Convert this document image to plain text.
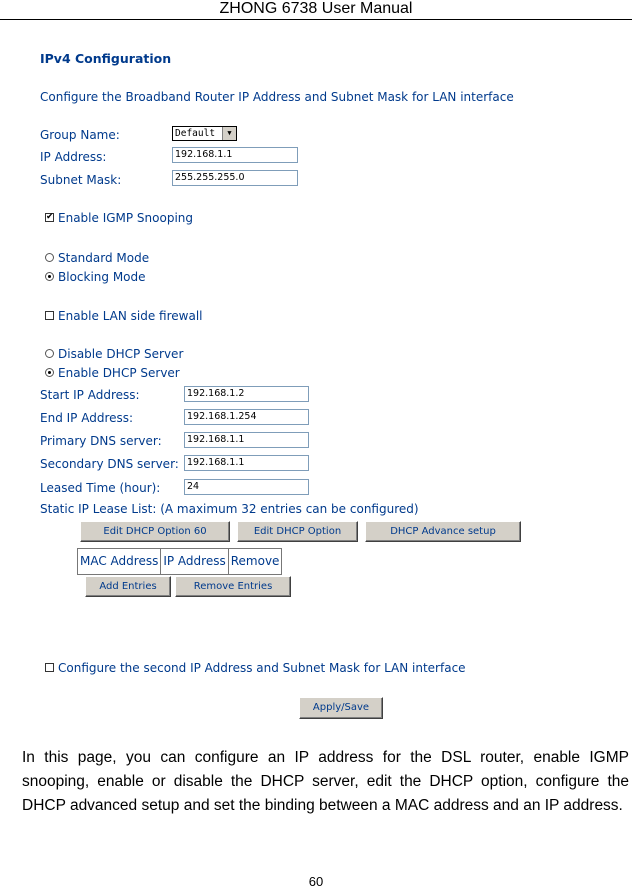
ZHONG 6738 User Manual
IPv4 Configuration
Configure the Broadband Router IP Address and Subnet Mask for LAN interface
Group Name:	Default	▼
IP Address:	192.168.1.1
Subnet Mask:	255.255.255.0
✔ Enable IGMP Snooping
Standard Mode
Blocking Mode
Enable LAN side firewall
Disable DHCP Server
Enable DHCP Server
Start IP Address:	192.168.1.2
End IP Address:	192.168.1.254
Primary DNS server:	192.168.1.1
Secondary DNS server: 192.168.1.1
Leased Time (hour):	24
Static IP Lease List: (A maximum 32 entries can be configured)
Edit DHCP Option 60	Edit DHCP Option	DHCP Advance setup
MAC Address IP Address Remove
Add Entries	Remove Entries
Configure the second IP Address and Subnet Mask for LAN interface
Apply/Save
In this page, you can configure an IP address for the DSL router, enable IGMP snooping, enable or disable the DHCP server, edit the DHCP option, configure the DHCP advanced setup and set the binding between a MAC address and an IP address.
60
